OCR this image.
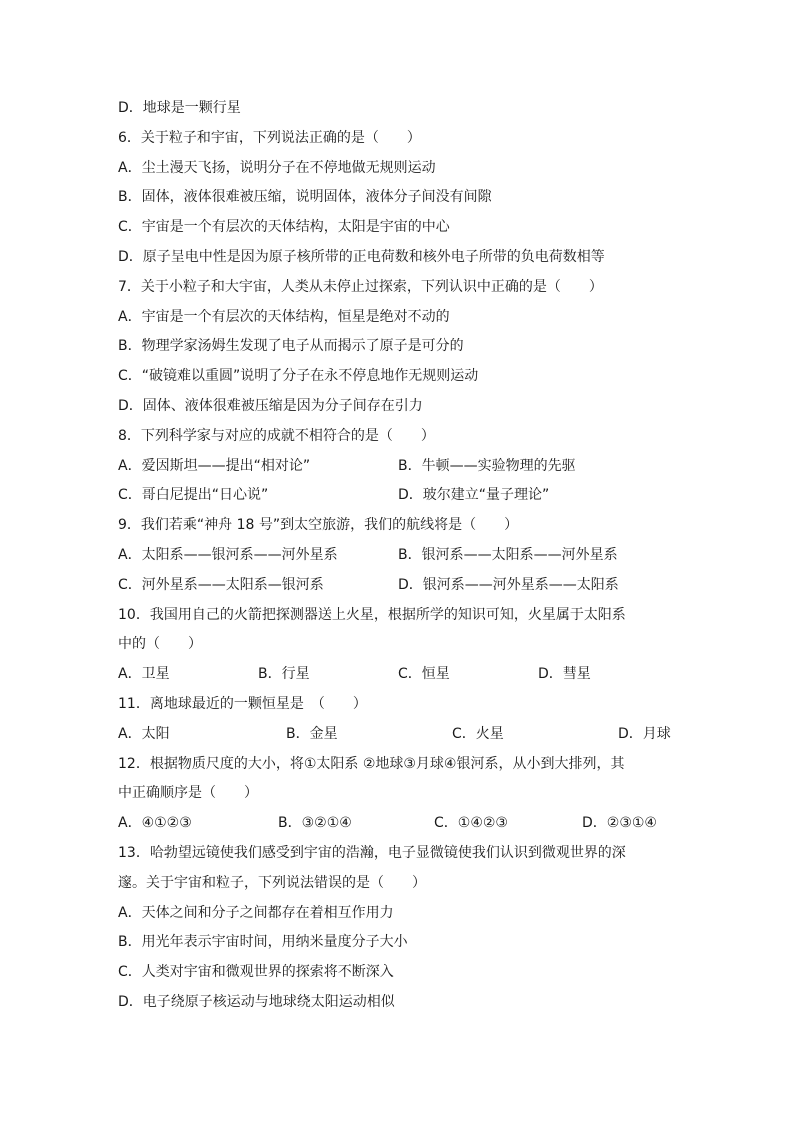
D．地球是一颗行星
6．关于粒子和宇宙，下列说法正确的是（　　）
A．尘土漫天飞扬，说明分子在不停地做无规则运动
B．固体，液体很难被压缩，说明固体，液体分子间没有间隙
C．宇宙是一个有层次的天体结构，太阳是宇宙的中心
D．原子呈电中性是因为原子核所带的正电荷数和核外电子所带的负电荷数相等
7．关于小粒子和大宇宙，人类从未停止过探索，下列认识中正确的是（　　）
A．宇宙是一个有层次的天体结构，恒星是绝对不动的
B．物理学家汤姆生发现了电子从而揭示了原子是可分的
C．“破镜难以重圆”说明了分子在永不停息地作无规则运动
D．固体、液体很难被压缩是因为分子间存在引力
8．下列科学家与对应的成就不相符合的是（　　）
A．爱因斯坦——提出“相对论”	B．牛顿——实验物理的先驱
C．哥白尼提出“日心说”	D．玻尔建立“量子理论”
9．我们若乘“神舟 18 号”到太空旅游，我们的航线将是（　　）
A．太阳系——银河系——河外星系	B．银河系——太阳系——河外星系
C．河外星系——太阳系—银河系	D．银河系——河外星系——太阳系
10．我国用自己的火箭把探测器送上火星，根据所学的知识可知，火星属于太阳系
中的（　　）
A．卫星	B．行星	C．恒星	D．彗星
11．离地球最近的一颗恒星是　（　　）
A．太阳	B．金星	C．火星	D．月球
12．根据物质尺度的大小，将①太阳系 ②地球③月球④银河系，从小到大排列，其
中正确顺序是（　　）
A．④①②③	B．③②①④	C．①④②③	D．②③①④
13．哈勃望远镜使我们感受到宇宙的浩瀚，电子显微镜使我们认识到微观世界的深
邃。关于宇宙和粒子，下列说法错误的是（　　）
A．天体之间和分子之间都存在着相互作用力
B．用光年表示宇宙时间，用纳米量度分子大小
C．人类对宇宙和微观世界的探索将不断深入
D．电子绕原子核运动与地球绕太阳运动相似
